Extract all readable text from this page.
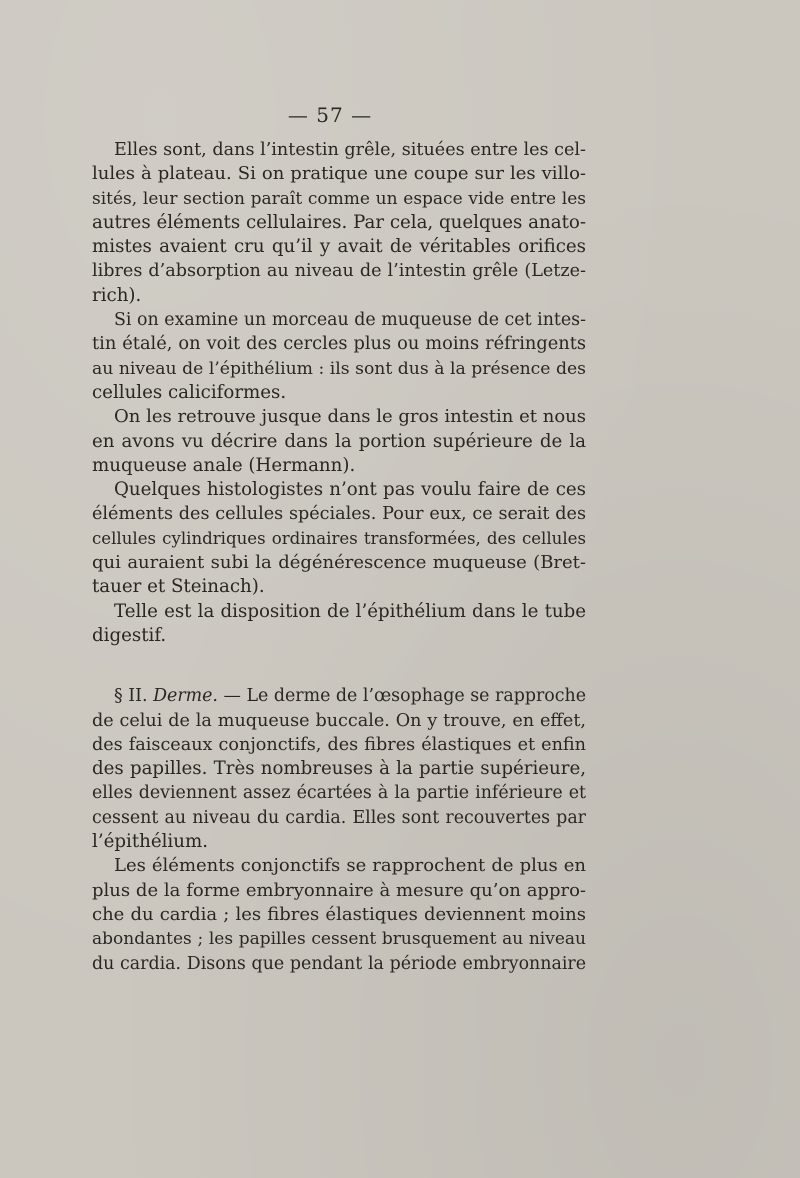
— 57 —
Elles sont, dans l’intestin grêle, situées entre les cel-
lules à plateau. Si on pratique une coupe sur les villo-
sités, leur section paraît comme un espace vide entre les
autres éléments cellulaires. Par cela, quelques anato-
mistes avaient cru qu’il y avait de véritables orifices
libres d’absorption au niveau de l’intestin grêle (Letze-
rich).
Si on examine un morceau de muqueuse de cet intes-
tin étalé, on voit des cercles plus ou moins réfringents
au niveau de l’épithélium : ils sont dus à la présence des
cellules caliciformes.
On les retrouve jusque dans le gros intestin et nous
en avons vu décrire dans la portion supérieure de la
muqueuse anale (Hermann).
Quelques histologistes n’ont pas voulu faire de ces
éléments des cellules spéciales. Pour eux, ce serait des
cellules cylindriques ordinaires transformées, des cellules
qui auraient subi la dégénérescence muqueuse (Bret-
tauer et Steinach).
Telle est la disposition de l’épithélium dans le tube
digestif.
§ II. Derme. — Le derme de l’œsophage se rapproche
de celui de la muqueuse buccale. On y trouve, en effet,
des faisceaux conjonctifs, des fibres élastiques et enfin
des papilles. Très nombreuses à la partie supérieure,
elles deviennent assez écartées à la partie inférieure et
cessent au niveau du cardia. Elles sont recouvertes par
l’épithélium.
Les éléments conjonctifs se rapprochent de plus en
plus de la forme embryonnaire à mesure qu’on appro-
che du cardia ; les fibres élastiques deviennent moins
abondantes ; les papilles cessent brusquement au niveau
du cardia. Disons que pendant la période embryonnaire
